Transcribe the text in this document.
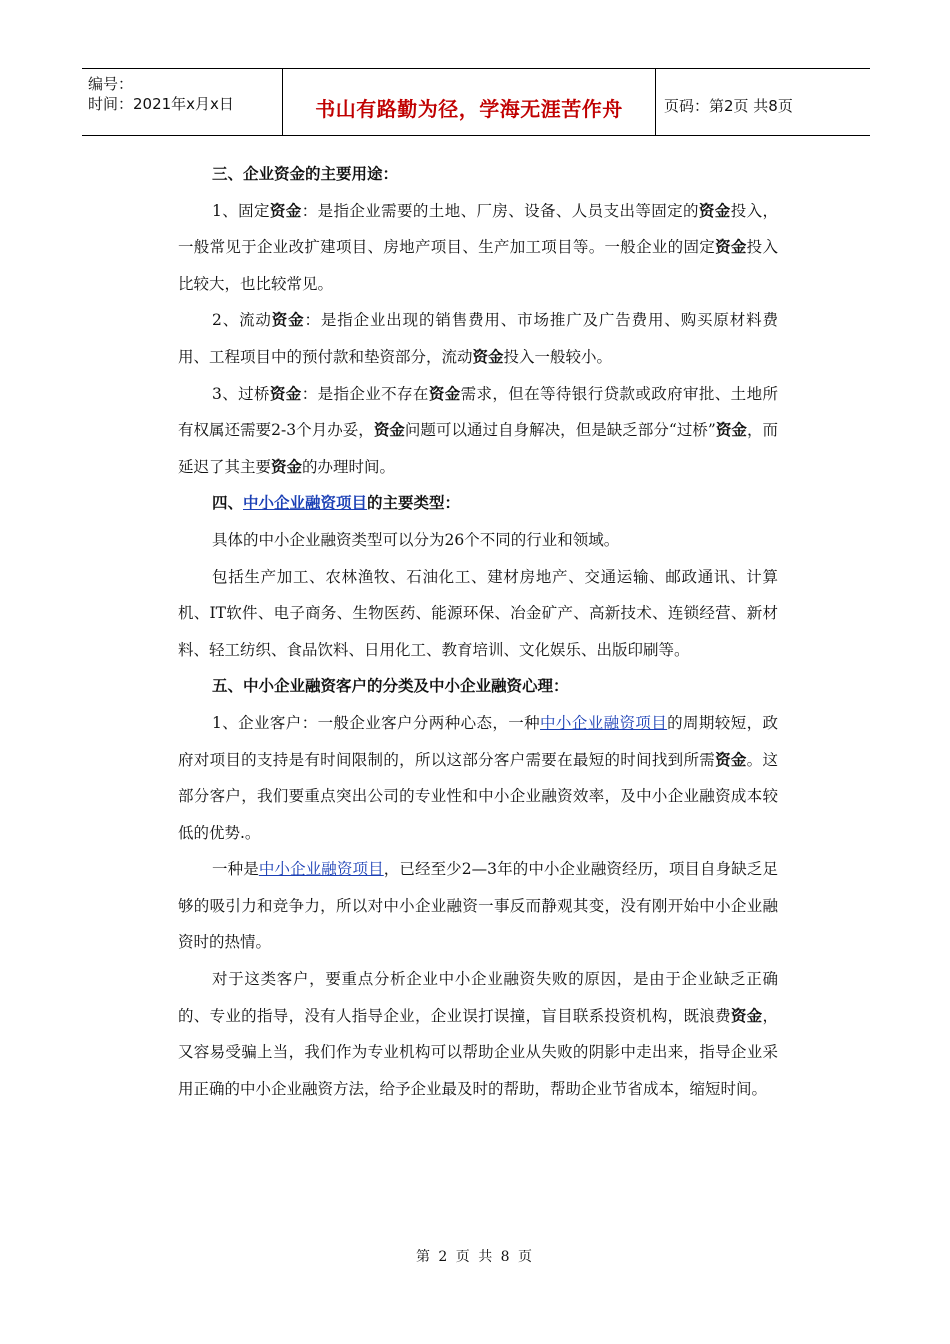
编号：
时间：2021年x月x日	书山有路勤为径，学海无涯苦作舟	页码：第2页 共8页

三、企业资金的主要用途：

1、固定资金：是指企业需要的土地、厂房、设备、人员支出等固定的资金投入，一般常见于企业改扩建项目、房地产项目、生产加工项目等。一般企业的固定资金投入比较大，也比较常见。

2、流动资金：是指企业出现的销售费用、市场推广及广告费用、购买原材料费用、工程项目中的预付款和垫资部分，流动资金投入一般较小。

3、过桥资金：是指企业不存在资金需求，但在等待银行贷款或政府审批、土地所有权属还需要2-3个月办妥，资金问题可以通过自身解决，但是缺乏部分“过桥”资金，而延迟了其主要资金的办理时间。

四、中小企业融资项目的主要类型：

具体的中小企业融资类型可以分为26个不同的行业和领域。

包括生产加工、农林渔牧、石油化工、建材房地产、交通运输、邮政通讯、计算机、IT软件、电子商务、生物医药、能源环保、冶金矿产、高新技术、连锁经营、新材料、轻工纺织、食品饮料、日用化工、教育培训、文化娱乐、出版印刷等。

五、中小企业融资客户的分类及中小企业融资心理：

1、企业客户：一般企业客户分两种心态，一种中小企业融资项目的周期较短，政府对项目的支持是有时间限制的，所以这部分客户需要在最短的时间找到所需资金。这部分客户，我们要重点突出公司的专业性和中小企业融资效率，及中小企业融资成本较低的优势.。

一种是中小企业融资项目，已经至少2—3年的中小企业融资经历，项目自身缺乏足够的吸引力和竞争力，所以对中小企业融资一事反而静观其变，没有刚开始中小企业融资时的热情。

对于这类客户，要重点分析企业中小企业融资失败的原因，是由于企业缺乏正确的、专业的指导，没有人指导企业，企业误打误撞，盲目联系投资机构，既浪费资金，又容易受骗上当，我们作为专业机构可以帮助企业从失败的阴影中走出来，指导企业采用正确的中小企业融资方法，给予企业最及时的帮助，帮助企业节省成本，缩短时间。

第 2 页 共 8 页
